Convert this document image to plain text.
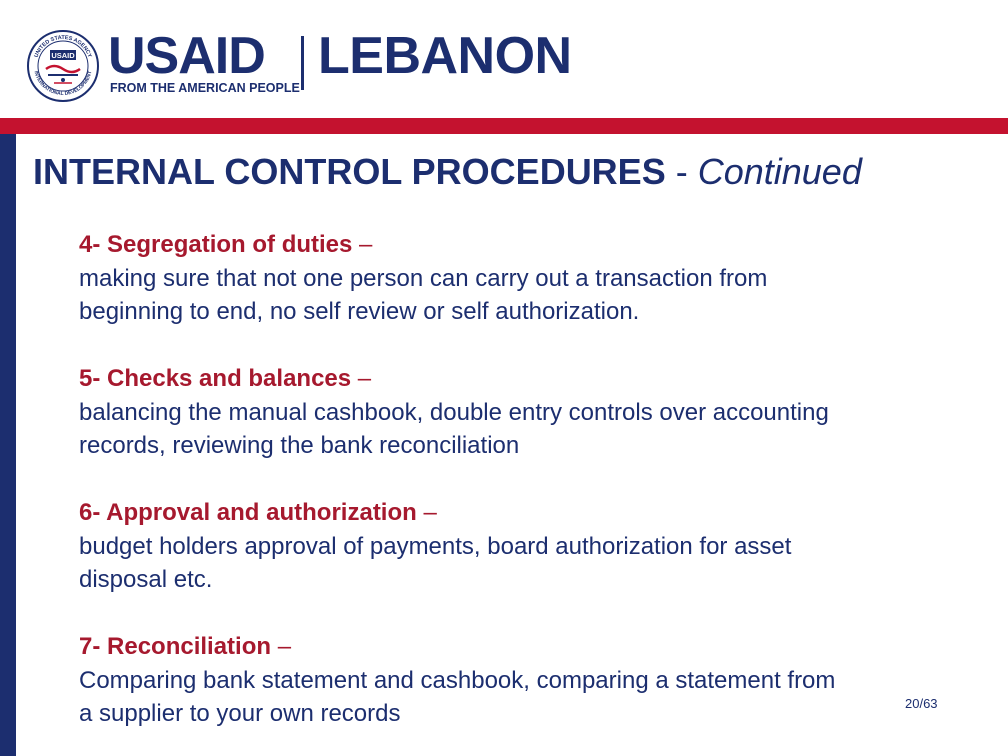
UNITED STATES AGENCY
INTERNATIONAL DEVELOPMENT
USAID USAID
FROM THE AMERICAN PEOPLE
LEBANON
INTERNAL CONTROL PROCEDURES - Continued
4- Segregation of duties –
making sure that not one person can carry out a transaction from
beginning to end, no self review or self authorization.
5- Checks and balances –
balancing the manual cashbook, double entry controls over accounting
records, reviewing the bank reconciliation
6- Approval and authorization –
budget holders approval of payments, board authorization for asset
disposal etc.
7- Reconciliation –
Comparing bank statement and cashbook, comparing a statement from
a supplier to your own records	20/63
